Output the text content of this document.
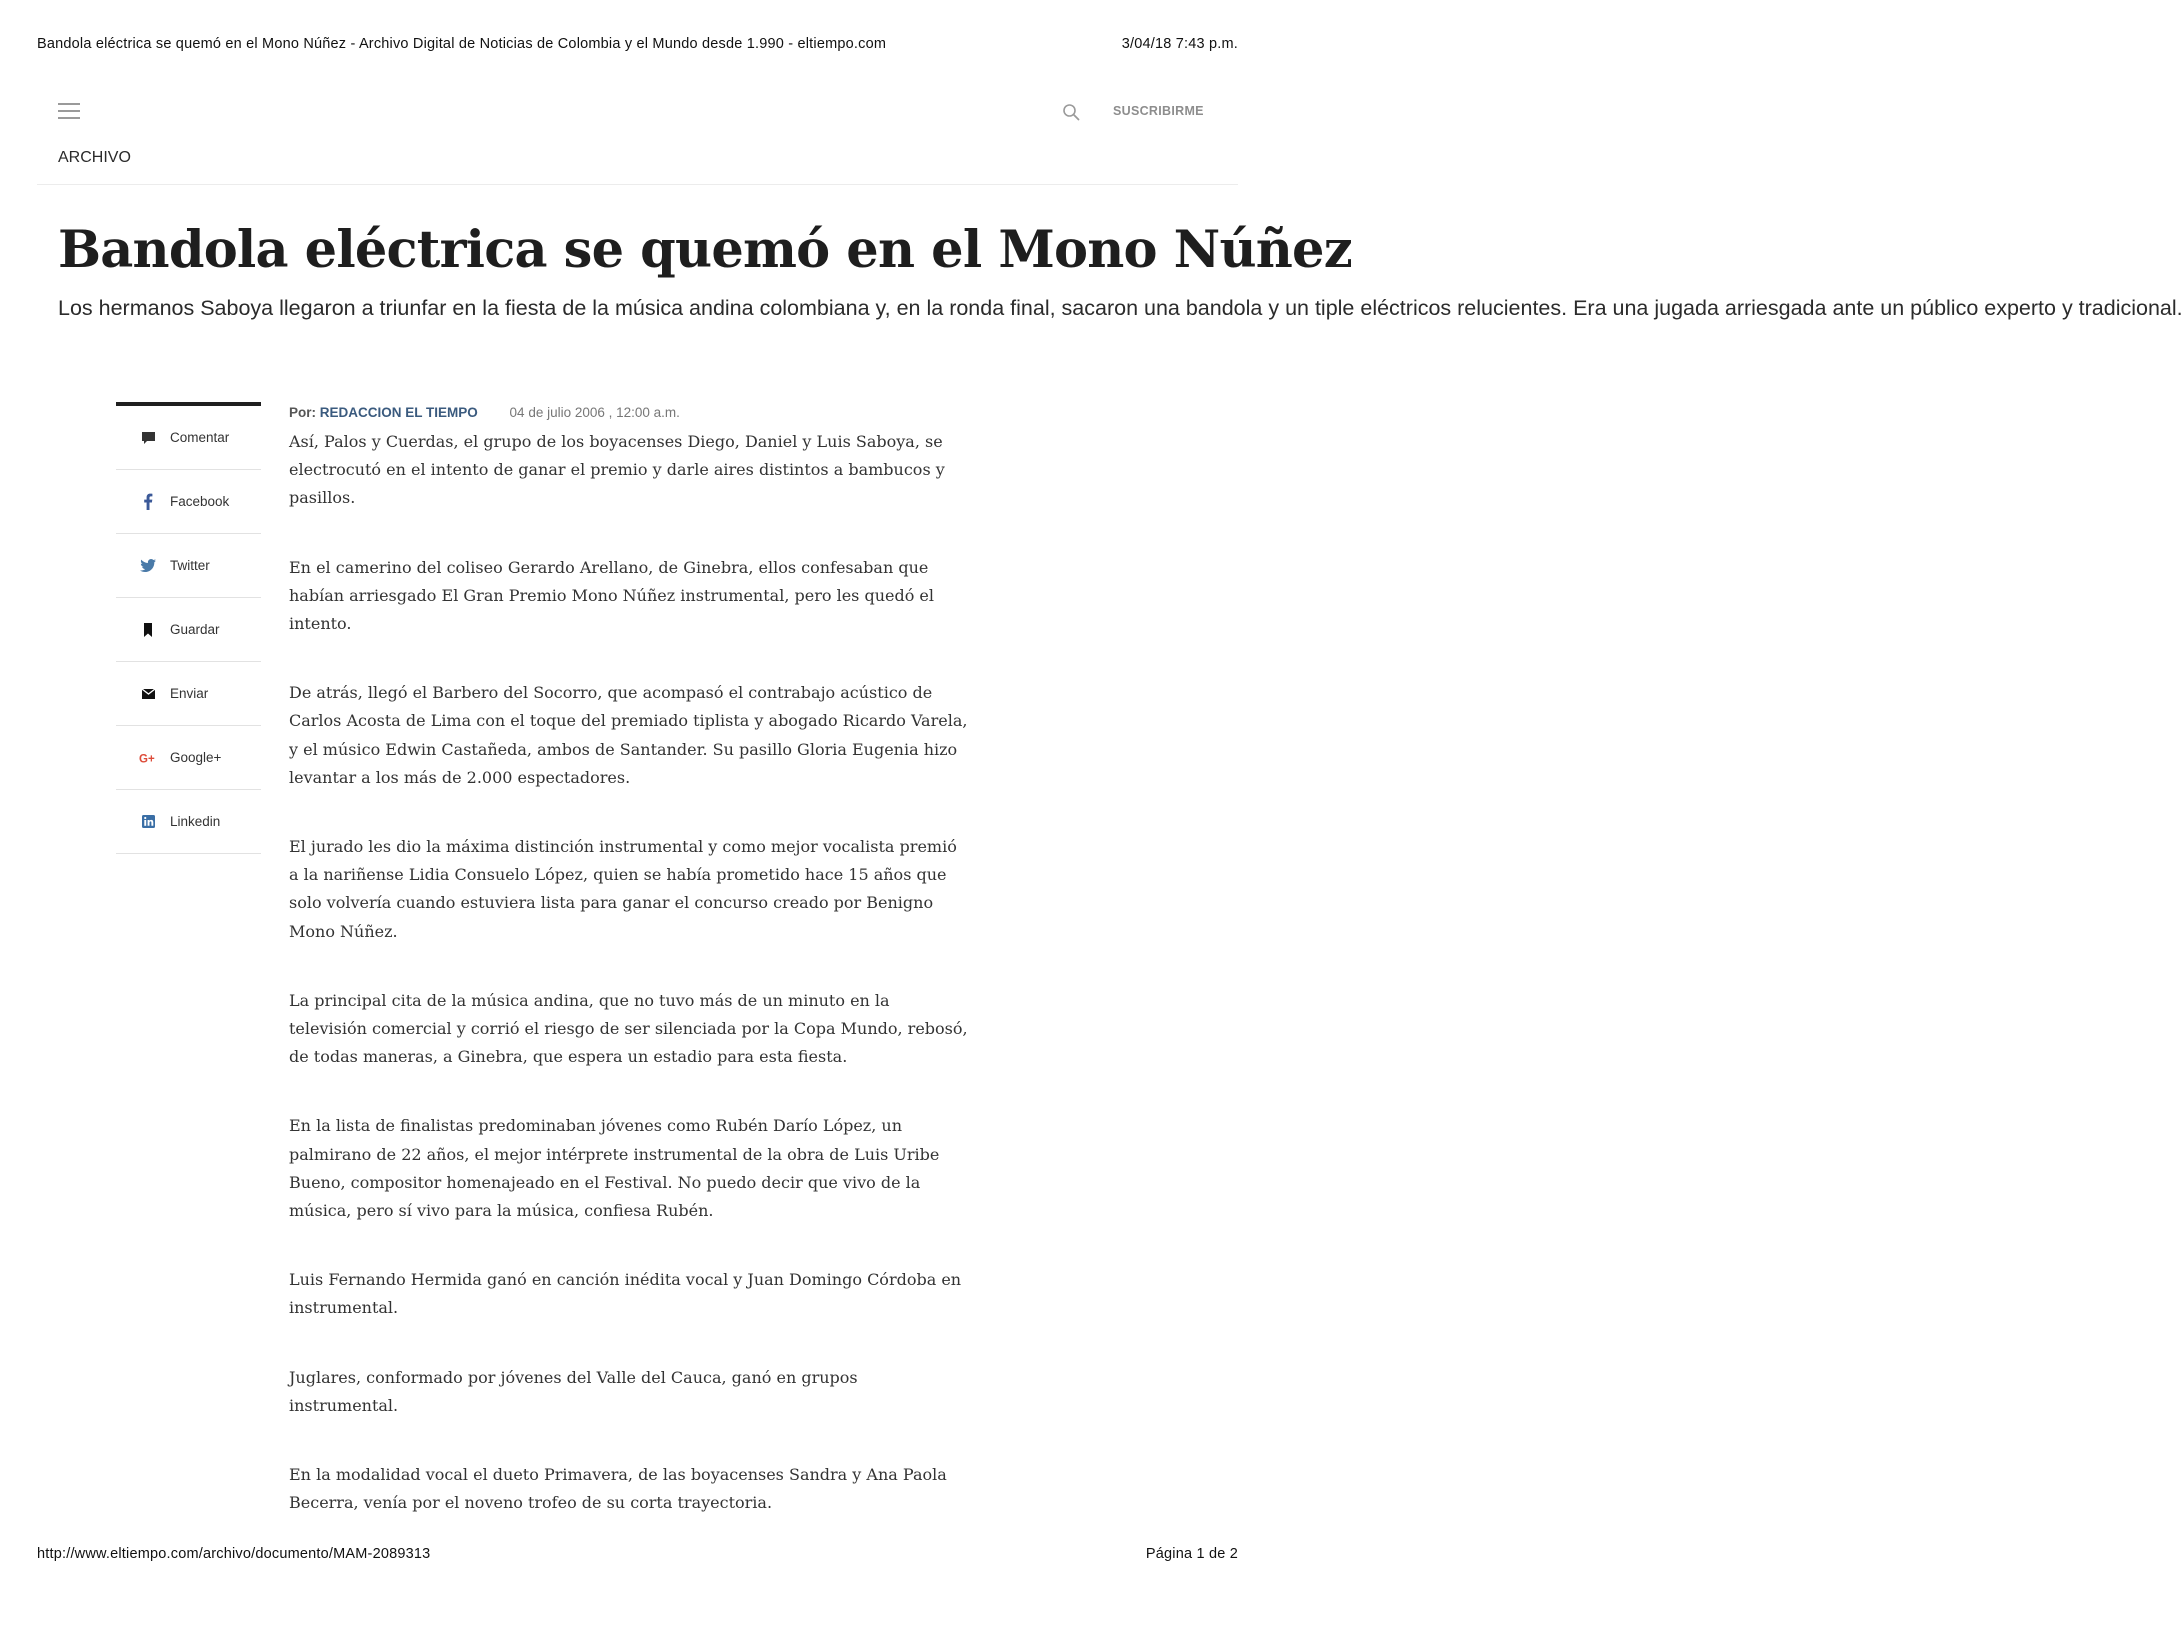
Bandola eléctrica se quemó en el Mono Núñez - Archivo Digital de Noticias de Colombia y el Mundo desde 1.990 - eltiempo.com	3/04/18 7:43 p.m.
SUSCRIBIRME
ARCHIVO
Bandola eléctrica se quemó en el Mono Núñez

Los hermanos Saboya llegaron a triunfar en la fiesta de la música andina colombiana y, en la ronda final, sacaron una bandola y un tiple eléctricos relucientes. Era una jugada arriesgada ante un público experto y tradicional.

Comentar
Facebook
Twitter
Guardar
Enviar
G+ Google+
Linkedin
Por: REDACCION EL TIEMPO 04 de julio 2006 , 12:00 a.m.

Así, Palos y Cuerdas, el grupo de los boyacenses Diego, Daniel y Luis Saboya, se electrocutó en el intento de ganar el premio y darle aires distintos a bambucos y pasillos.

En el camerino del coliseo Gerardo Arellano, de Ginebra, ellos confesaban que habían arriesgado El Gran Premio Mono Núñez instrumental, pero les quedó el intento.

De atrás, llegó el Barbero del Socorro, que acompasó el contrabajo acústico de Carlos Acosta de Lima con el toque del premiado tiplista y abogado Ricardo Varela, y el músico Edwin Castañeda, ambos de Santander. Su pasillo Gloria Eugenia hizo levantar a los más de 2.000 espectadores.

El jurado les dio la máxima distinción instrumental y como mejor vocalista premió a la nariñense Lidia Consuelo López, quien se había prometido hace 15 años que solo volvería cuando estuviera lista para ganar el concurso creado por Benigno Mono Núñez.

La principal cita de la música andina, que no tuvo más de un minuto en la televisión comercial y corrió el riesgo de ser silenciada por la Copa Mundo, rebosó, de todas maneras, a Ginebra, que espera un estadio para esta fiesta.

En la lista de finalistas predominaban jóvenes como Rubén Darío López, un palmirano de 22 años, el mejor intérprete instrumental de la obra de Luis Uribe Bueno, compositor homenajeado en el Festival. No puedo decir que vivo de la música, pero sí vivo para la música, confiesa Rubén.

Luis Fernando Hermida ganó en canción inédita vocal y Juan Domingo Córdoba en instrumental.

Juglares, conformado por jóvenes del Valle del Cauca, ganó en grupos instrumental.

En la modalidad vocal el dueto Primavera, de las boyacenses Sandra y Ana Paola Becerra, venía por el noveno trofeo de su corta trayectoria.

http://www.eltiempo.com/archivo/documento/MAM-2089313	Página 1 de 2
